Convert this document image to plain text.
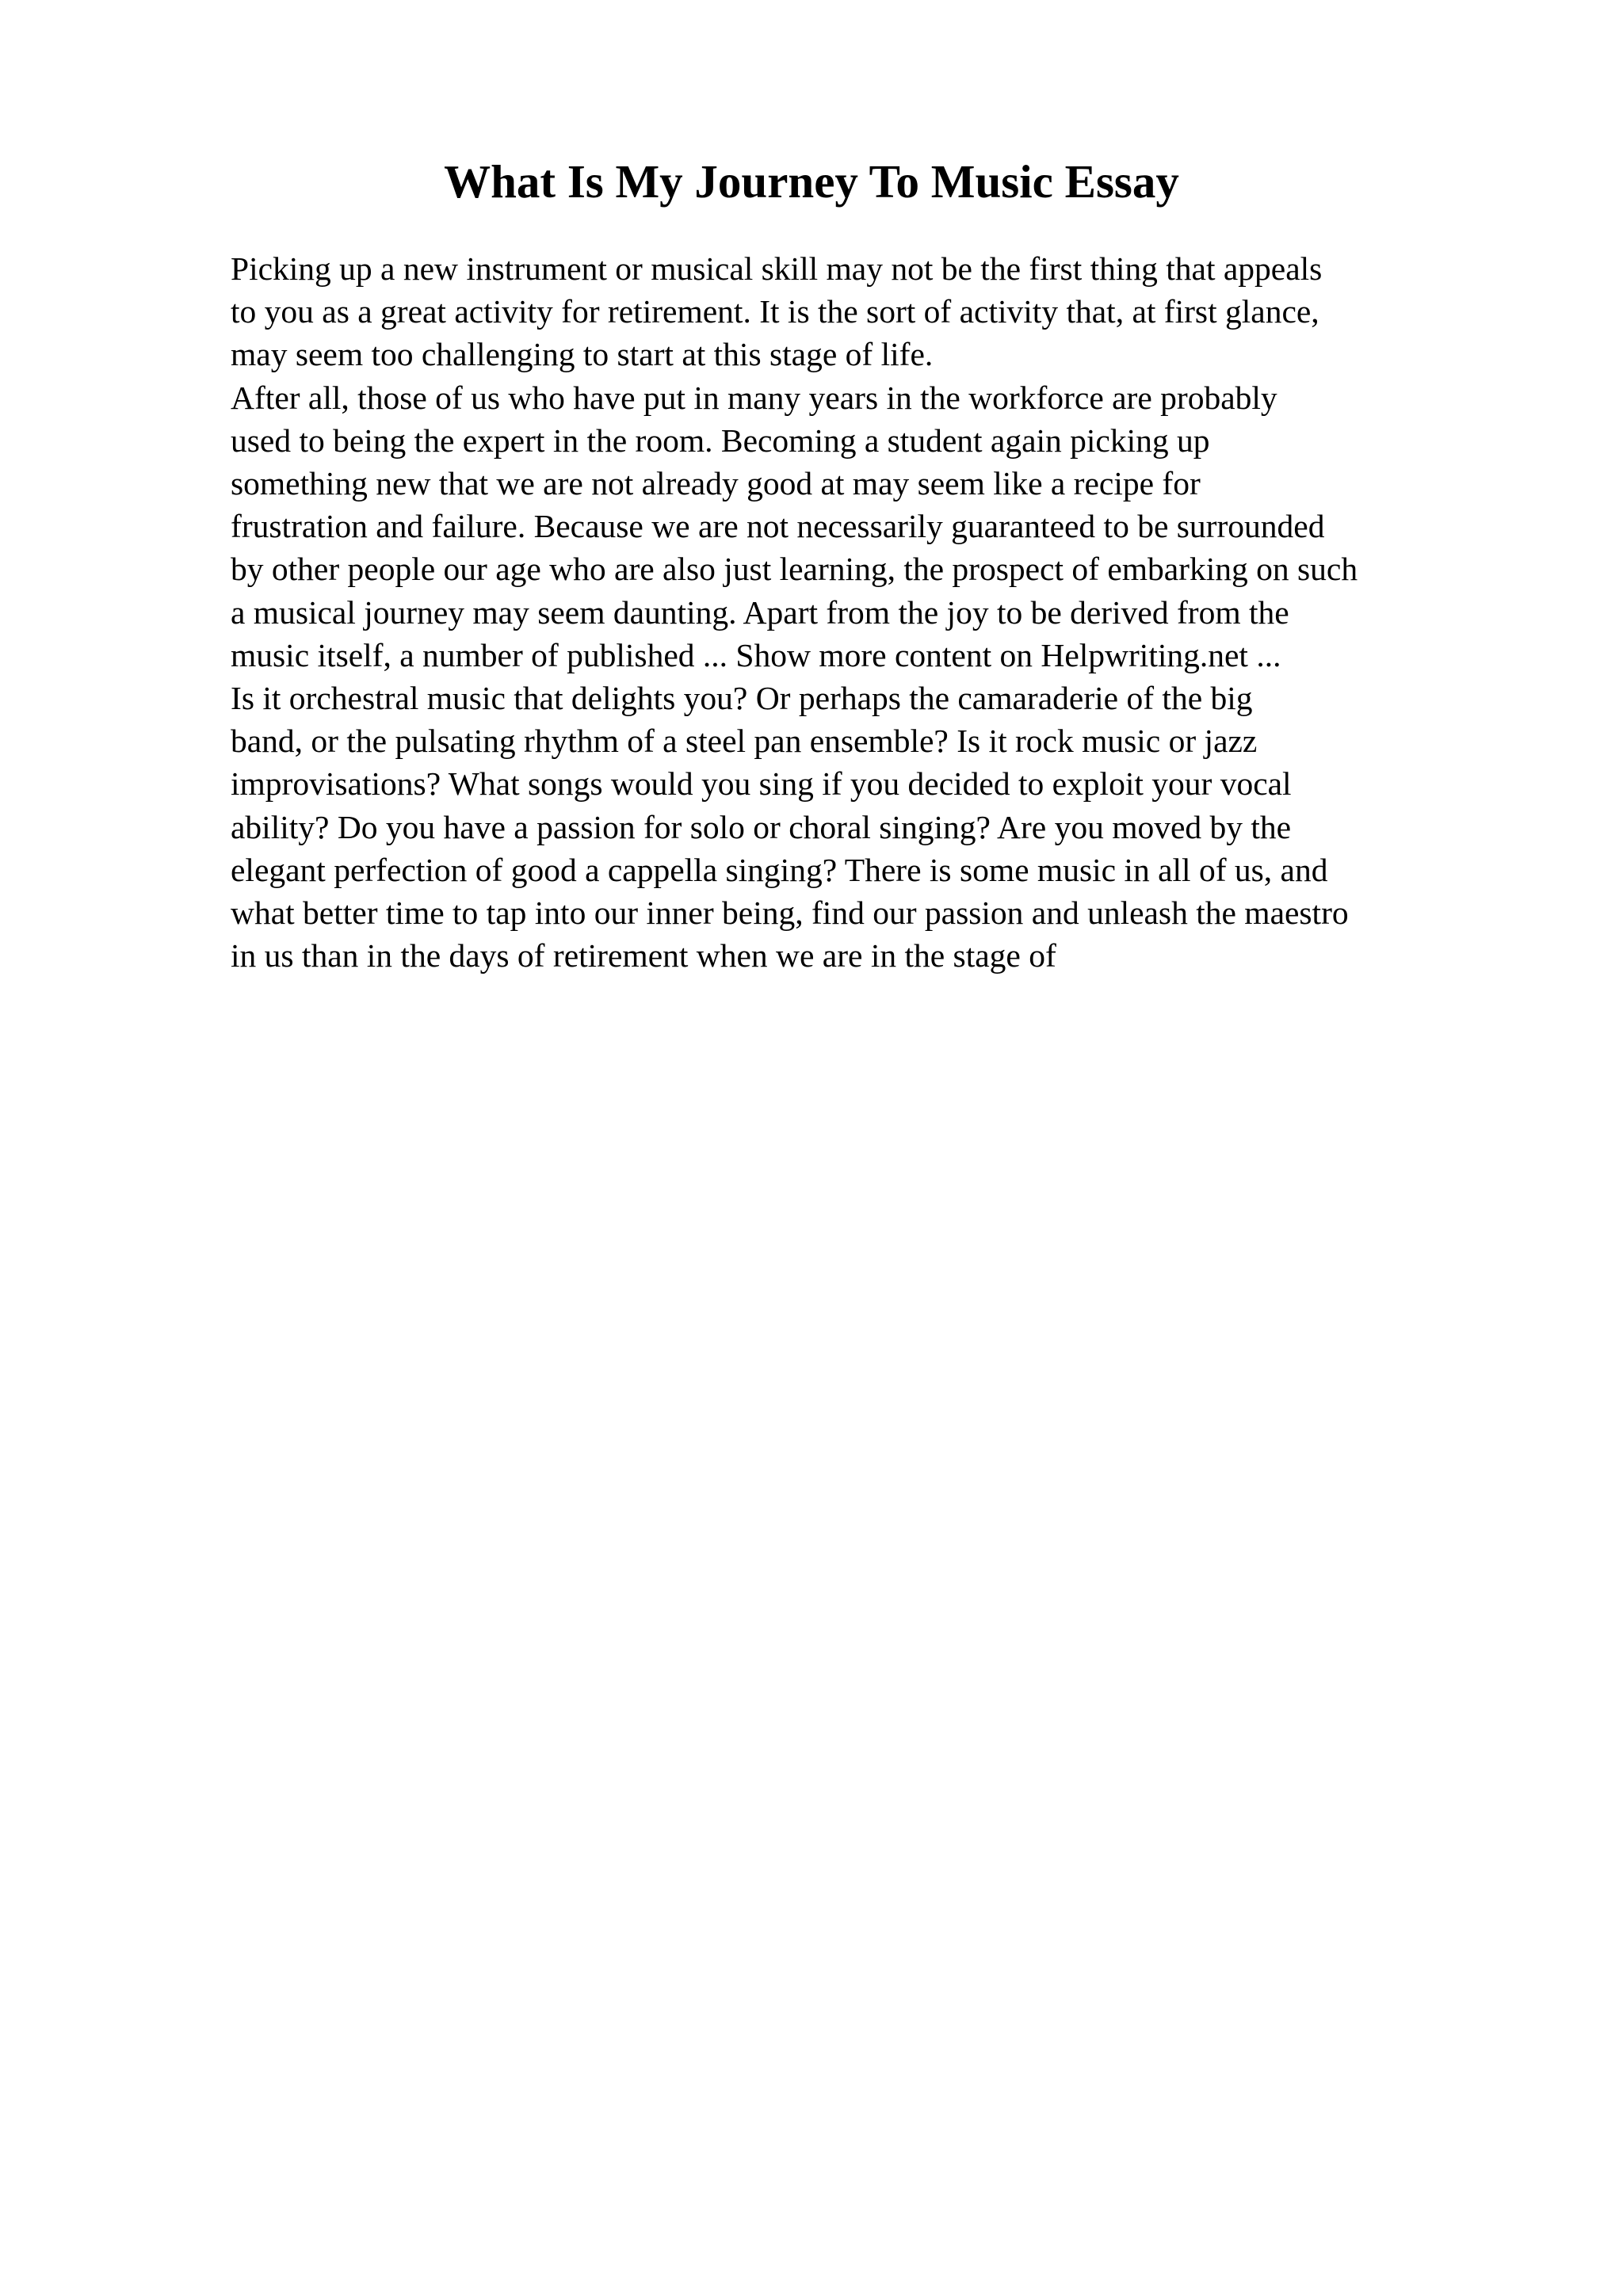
What Is My Journey To Music Essay
Picking up a new instrument or musical skill may not be the first thing that appeals
to you as a great activity for retirement. It is the sort of activity that, at first glance,
may seem too challenging to start at this stage of life.
After all, those of us who have put in many years in the workforce are probably
used to being the expert in the room. Becoming a student again picking up
something new that we are not already good at may seem like a recipe for
frustration and failure. Because we are not necessarily guaranteed to be surrounded
by other people our age who are also just learning, the prospect of embarking on such
a musical journey may seem daunting. Apart from the joy to be derived from the
music itself, a number of published ... Show more content on Helpwriting.net ...
Is it orchestral music that delights you? Or perhaps the camaraderie of the big
band, or the pulsating rhythm of a steel pan ensemble? Is it rock music or jazz
improvisations? What songs would you sing if you decided to exploit your vocal
ability? Do you have a passion for solo or choral singing? Are you moved by the
elegant perfection of good a cappella singing? There is some music in all of us, and
what better time to tap into our inner being, find our passion and unleash the maestro
in us than in the days of retirement when we are in the stage of
